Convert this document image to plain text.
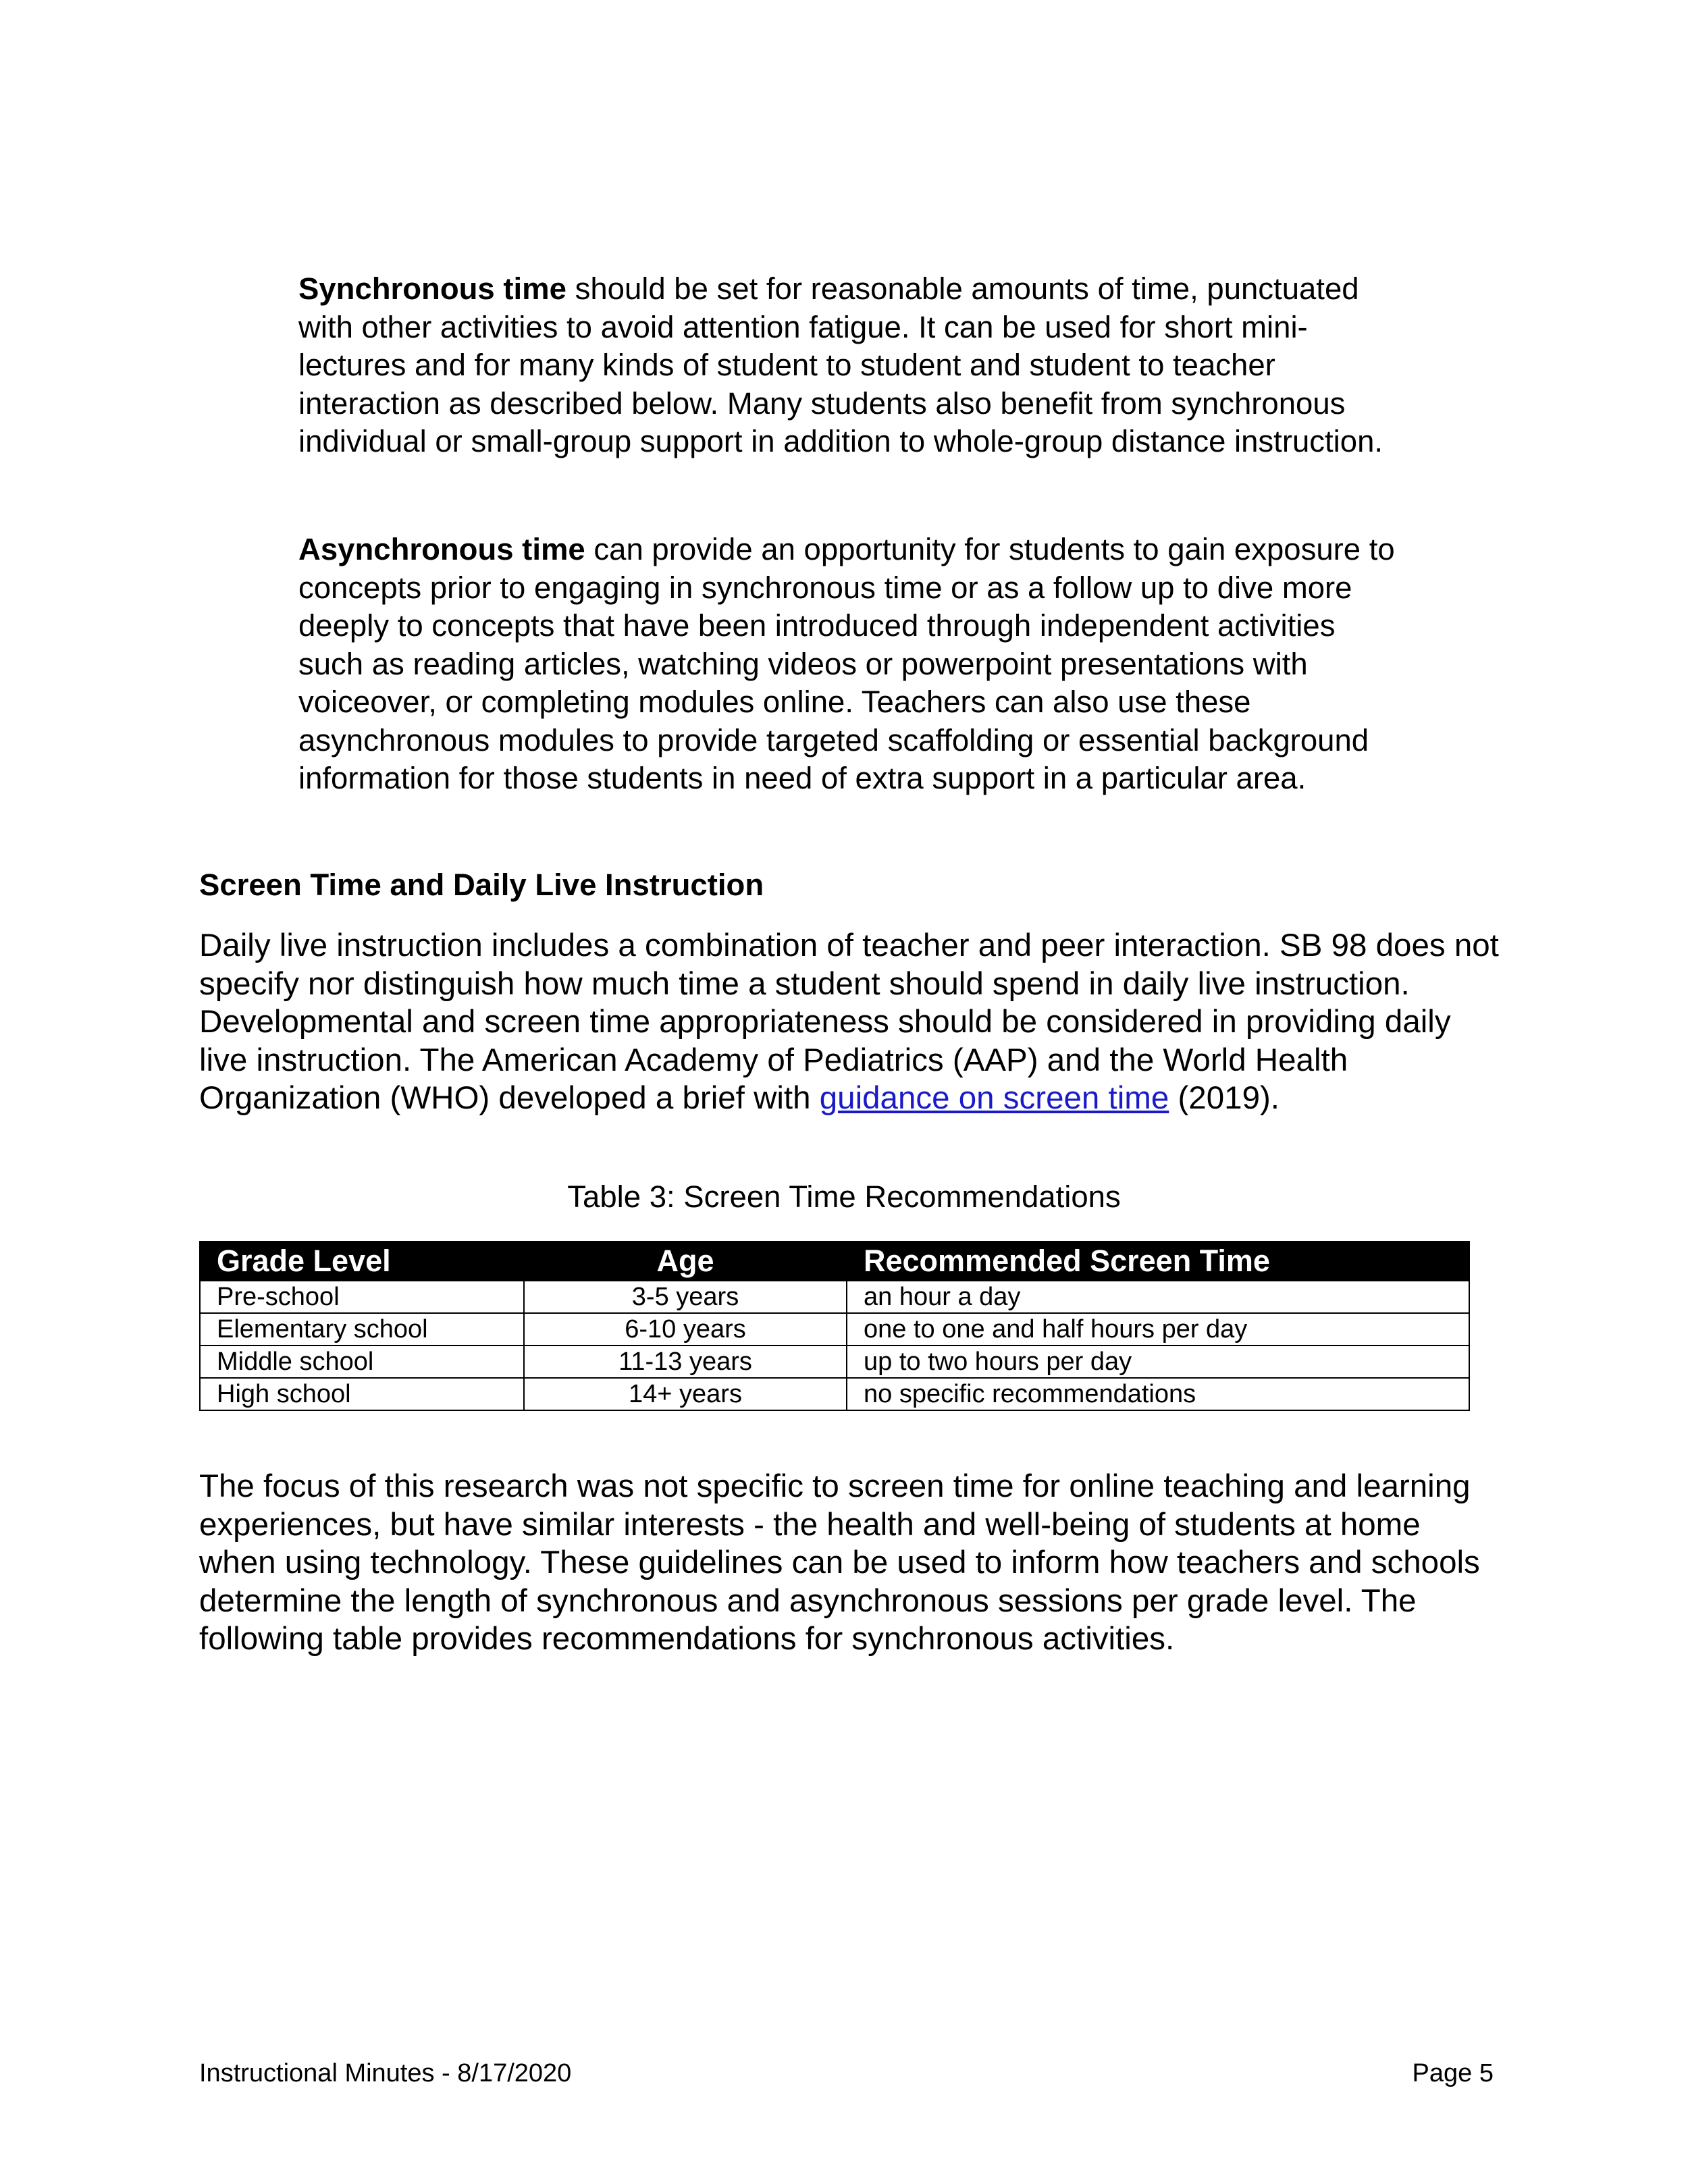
Synchronous time should be set for reasonable amounts of time, punctuated with other activities to avoid attention fatigue. It can be used for short mini-lectures and for many kinds of student to student and student to teacher interaction as described below. Many students also benefit from synchronous individual or small-group support in addition to whole-group distance instruction.

Asynchronous time can provide an opportunity for students to gain exposure to concepts prior to engaging in synchronous time or as a follow up to dive more deeply to concepts that have been introduced through independent activities such as reading articles, watching videos or powerpoint presentations with voiceover, or completing modules online. Teachers can also use these asynchronous modules to provide targeted scaffolding or essential background information for those students in need of extra support in a particular area.

Screen Time and Daily Live Instruction

Daily live instruction includes a combination of teacher and peer interaction. SB 98 does not specify nor distinguish how much time a student should spend in daily live instruction. Developmental and screen time appropriateness should be considered in providing daily live instruction. The American Academy of Pediatrics (AAP) and the World Health Organization (WHO) developed a brief with guidance on screen time (2019).

Table 3: Screen Time Recommendations

Grade Level	Age	Recommended Screen Time
Pre-school	3-5 years	an hour a day
Elementary school	6-10 years	one to one and half hours per day
Middle school	11-13 years	up to two hours per day
High school	14+ years	no specific recommendations

The focus of this research was not specific to screen time for online teaching and learning experiences, but have similar interests - the health and well-being of students at home when using technology. These guidelines can be used to inform how teachers and schools determine the length of synchronous and asynchronous sessions per grade level. The following table provides recommendations for synchronous activities.

Instructional Minutes - 8/17/2020	Page 5
